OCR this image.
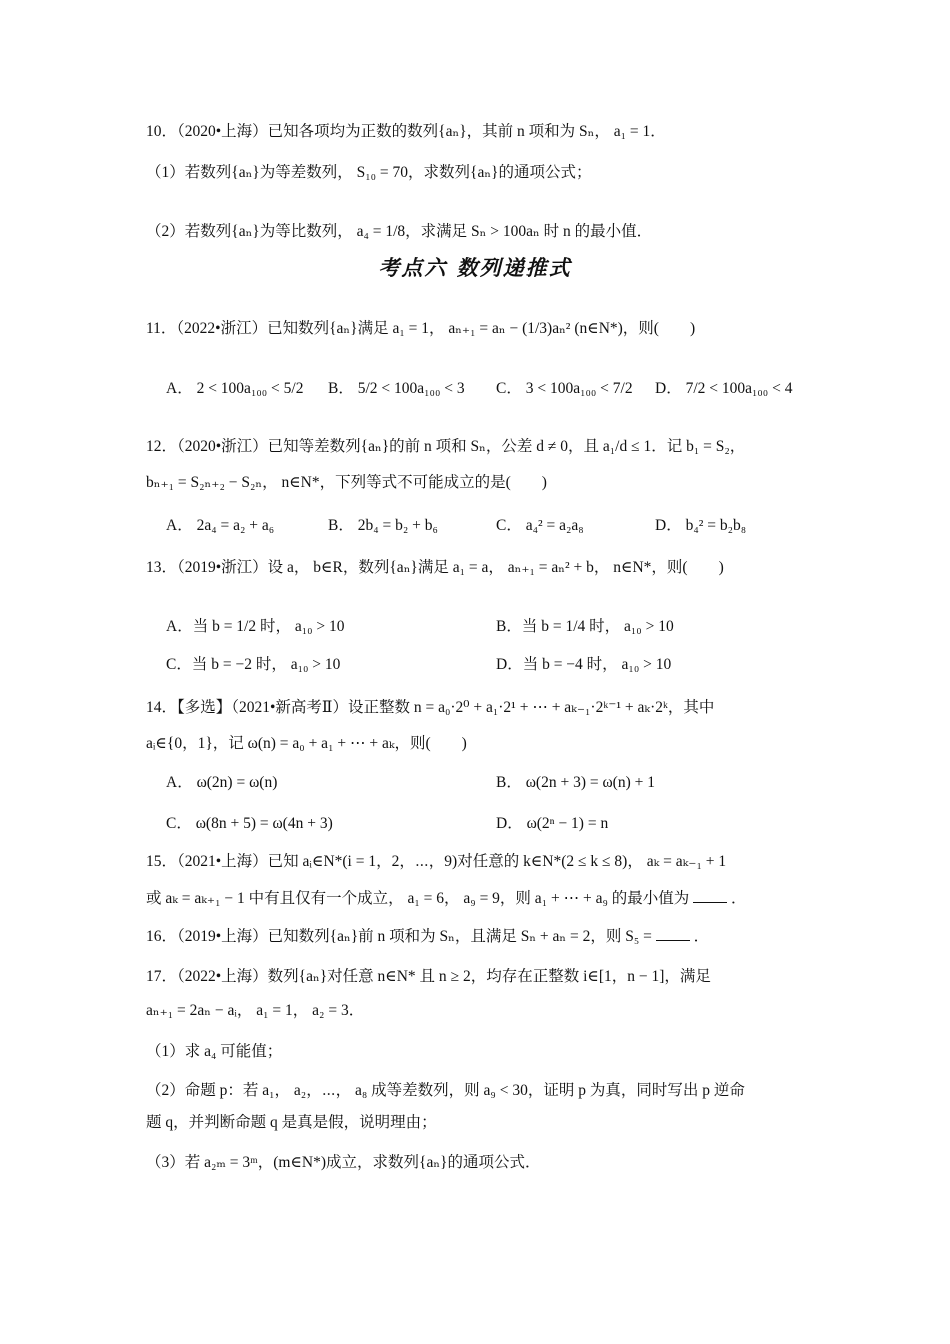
10．（2020•上海）已知各项均为正数的数列{aₙ}，其前 n 项和为 Sₙ， a₁ = 1．
（1）若数列{aₙ}为等差数列， S₁₀ = 70，求数列{aₙ}的通项公式；
（2）若数列{aₙ}为等比数列， a₄ = 1/8，求满足 Sₙ > 100aₙ 时 n 的最小值．
考点六 数列递推式
11．（2022•浙江）已知数列{aₙ}满足 a₁ = 1， aₙ₊₁ = aₙ − (1/3)aₙ² (n∈N*)，则(　　)
A． 2 < 100a₁₀₀ < 5/2 B． 5/2 < 100a₁₀₀ < 3 C． 3 < 100a₁₀₀ < 7/2 D． 7/2 < 100a₁₀₀ < 4
12．（2020•浙江）已知等差数列{aₙ}的前 n 项和 Sₙ，公差 d ≠ 0，且 a₁/d ≤ 1．记 b₁ = S₂，
bₙ₊₁ = S₂ₙ₊₂ − S₂ₙ， n∈N*，下列等式不可能成立的是(　　)
A． 2a₄ = a₂ + a₆	B． 2b₄ = b₂ + b₆	C． a₄² = a₂a₈	D． b₄² = b₂b₈
13．（2019•浙江）设 a， b∈R，数列{aₙ}满足 a₁ = a， aₙ₊₁ = aₙ² + b， n∈N*，则(　　)
A．当 b = 1/2 时， a₁₀ > 10	B．当 b = 1/4 时， a₁₀ > 10
C．当 b = −2 时， a₁₀ > 10	D．当 b = −4 时， a₁₀ > 10
14．【多选】（2021•新高考Ⅱ）设正整数 n = a₀·2⁰ + a₁·2¹ + ⋯ + aₖ₋₁·2ᵏ⁻¹ + aₖ·2ᵏ，其中
aᵢ∈{0，1}，记 ω(n) = a₀ + a₁ + ⋯ + aₖ，则(　　)
A． ω(2n) = ω(n)	B． ω(2n + 3) = ω(n) + 1
C． ω(8n + 5) = ω(4n + 3)	D． ω(2ⁿ − 1) = n
15．（2021•上海）已知 aᵢ∈N*(i = 1，2，⋯，9)对任意的 k∈N*(2 ≤ k ≤ 8)， aₖ = aₖ₋₁ + 1
或 aₖ = aₖ₊₁ − 1 中有且仅有一个成立， a₁ = 6， a₉ = 9，则 a₁ + ⋯ + a₉ 的最小值为	．
16．（2019•上海）已知数列{aₙ}前 n 项和为 Sₙ，且满足 Sₙ + aₙ = 2，则 S₅ =	．
17．（2022•上海）数列{aₙ}对任意 n∈N* 且 n ≥ 2，均存在正整数 i∈[1，n − 1]，满足
aₙ₊₁ = 2aₙ − aᵢ， a₁ = 1， a₂ = 3．
（1）求 a₄ 可能值；
（2）命题 p：若 a₁， a₂，⋯， a₈ 成等差数列，则 a₉ < 30，证明 p 为真，同时写出 p 逆命
题 q，并判断命题 q 是真是假，说明理由；
（3）若 a₂ₘ = 3ᵐ，(m∈N*)成立，求数列{aₙ}的通项公式．
